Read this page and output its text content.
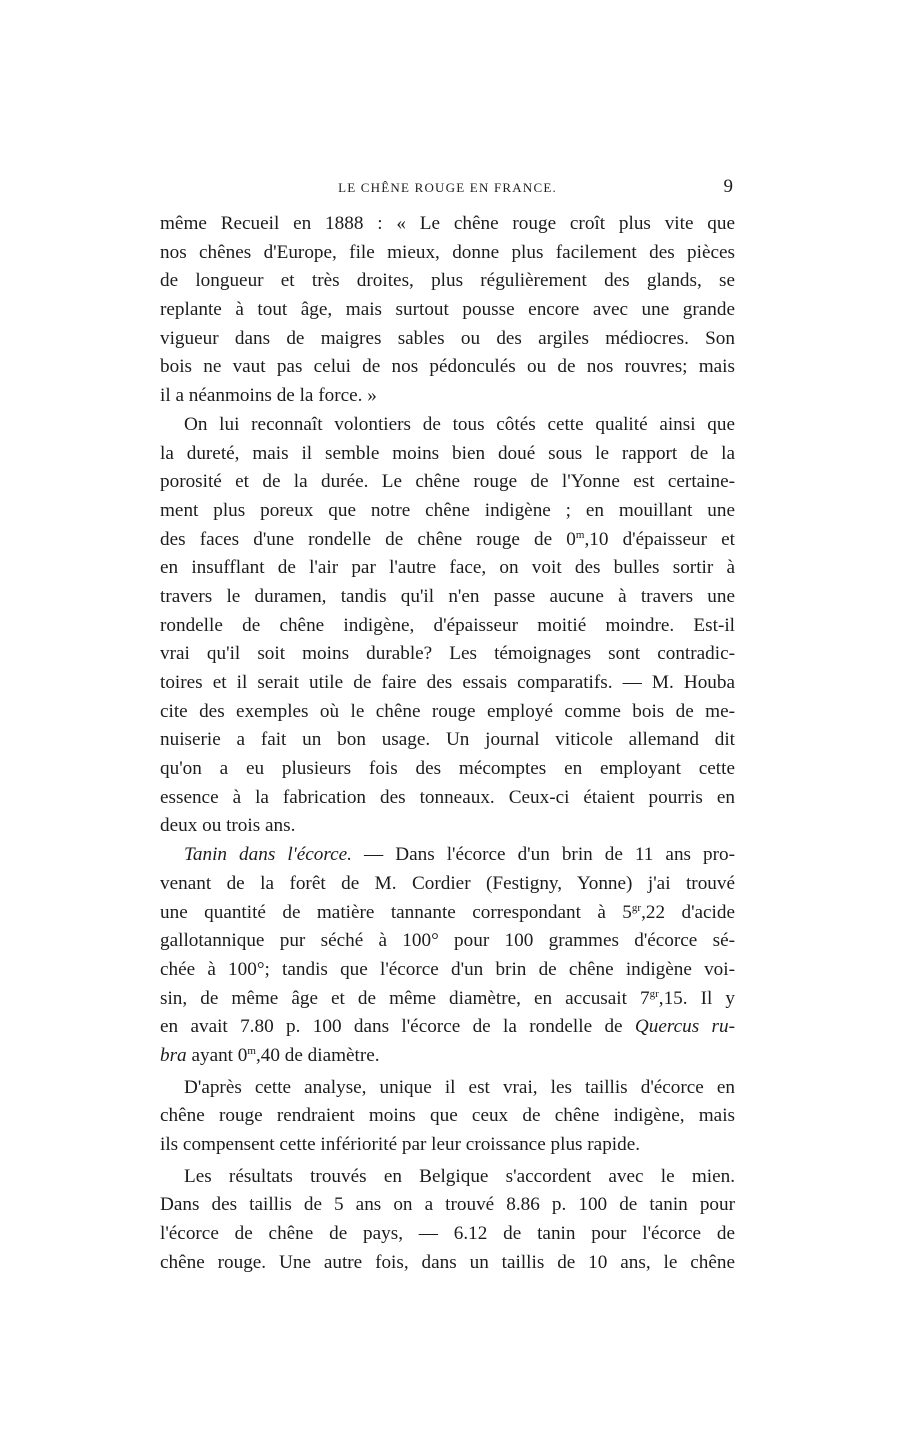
LE CHÊNE ROUGE EN FRANCE.	9
même Recueil en 1888 : « Le chêne rouge croît plus vite que
nos chênes d'Europe, file mieux, donne plus facilement des pièces
de longueur et très droites, plus régulièrement des glands, se
replante à tout âge, mais surtout pousse encore avec une grande
vigueur dans de maigres sables ou des argiles médiocres. Son
bois ne vaut pas celui de nos pédonculés ou de nos rouvres; mais
il a néanmoins de la force. »
On lui reconnaît volontiers de tous côtés cette qualité ainsi que
la dureté, mais il semble moins bien doué sous le rapport de la
porosité et de la durée. Le chêne rouge de l'Yonne est certaine-
ment plus poreux que notre chêne indigène ; en mouillant une
des faces d'une rondelle de chêne rouge de 0$^m$,10 d'épaisseur et
en insufflant de l'air par l'autre face, on voit des bulles sortir à
travers le duramen, tandis qu'il n'en passe aucune à travers une
rondelle de chêne indigène, d'épaisseur moitié moindre. Est-il
vrai qu'il soit moins durable? Les témoignages sont contradic-
toires et il serait utile de faire des essais comparatifs. — M. Houba
cite des exemples où le chêne rouge employé comme bois de me-
nuiserie a fait un bon usage. Un journal viticole allemand dit
qu'on a eu plusieurs fois des mécomptes en employant cette
essence à la fabrication des tonneaux. Ceux-ci étaient pourris en
deux ou trois ans.
Tanin dans l'écorce. — Dans l'écorce d'un brin de 11 ans pro-
venant de la forêt de M. Cordier (Festigny, Yonne) j'ai trouvé
une quantité de matière tannante correspondant à $5^{gr},22$ d'acide
gallotannique pur séché à 100° pour 100 grammes d'écorce sé-
chée à 100°; tandis que l'écorce d'un brin de chêne indigène voi-
sin, de même âge et de même diamètre, en accusait $7^{gr},15$. Il y
en avait 7.80 p. 100 dans l'écorce de la rondelle de Quercus ru-
bra ayant 0$^m$,40 de diamètre.
D'après cette analyse, unique il est vrai, les taillis d'écorce en
chêne rouge rendraient moins que ceux de chêne indigène, mais
ils compensent cette infériorité par leur croissance plus rapide.
Les résultats trouvés en Belgique s'accordent avec le mien.
Dans des taillis de 5 ans on a trouvé 8.86 p. 100 de tanin pour
l'écorce de chêne de pays, — 6.12 de tanin pour l'écorce de
chêne rouge. Une autre fois, dans un taillis de 10 ans, le chêne
